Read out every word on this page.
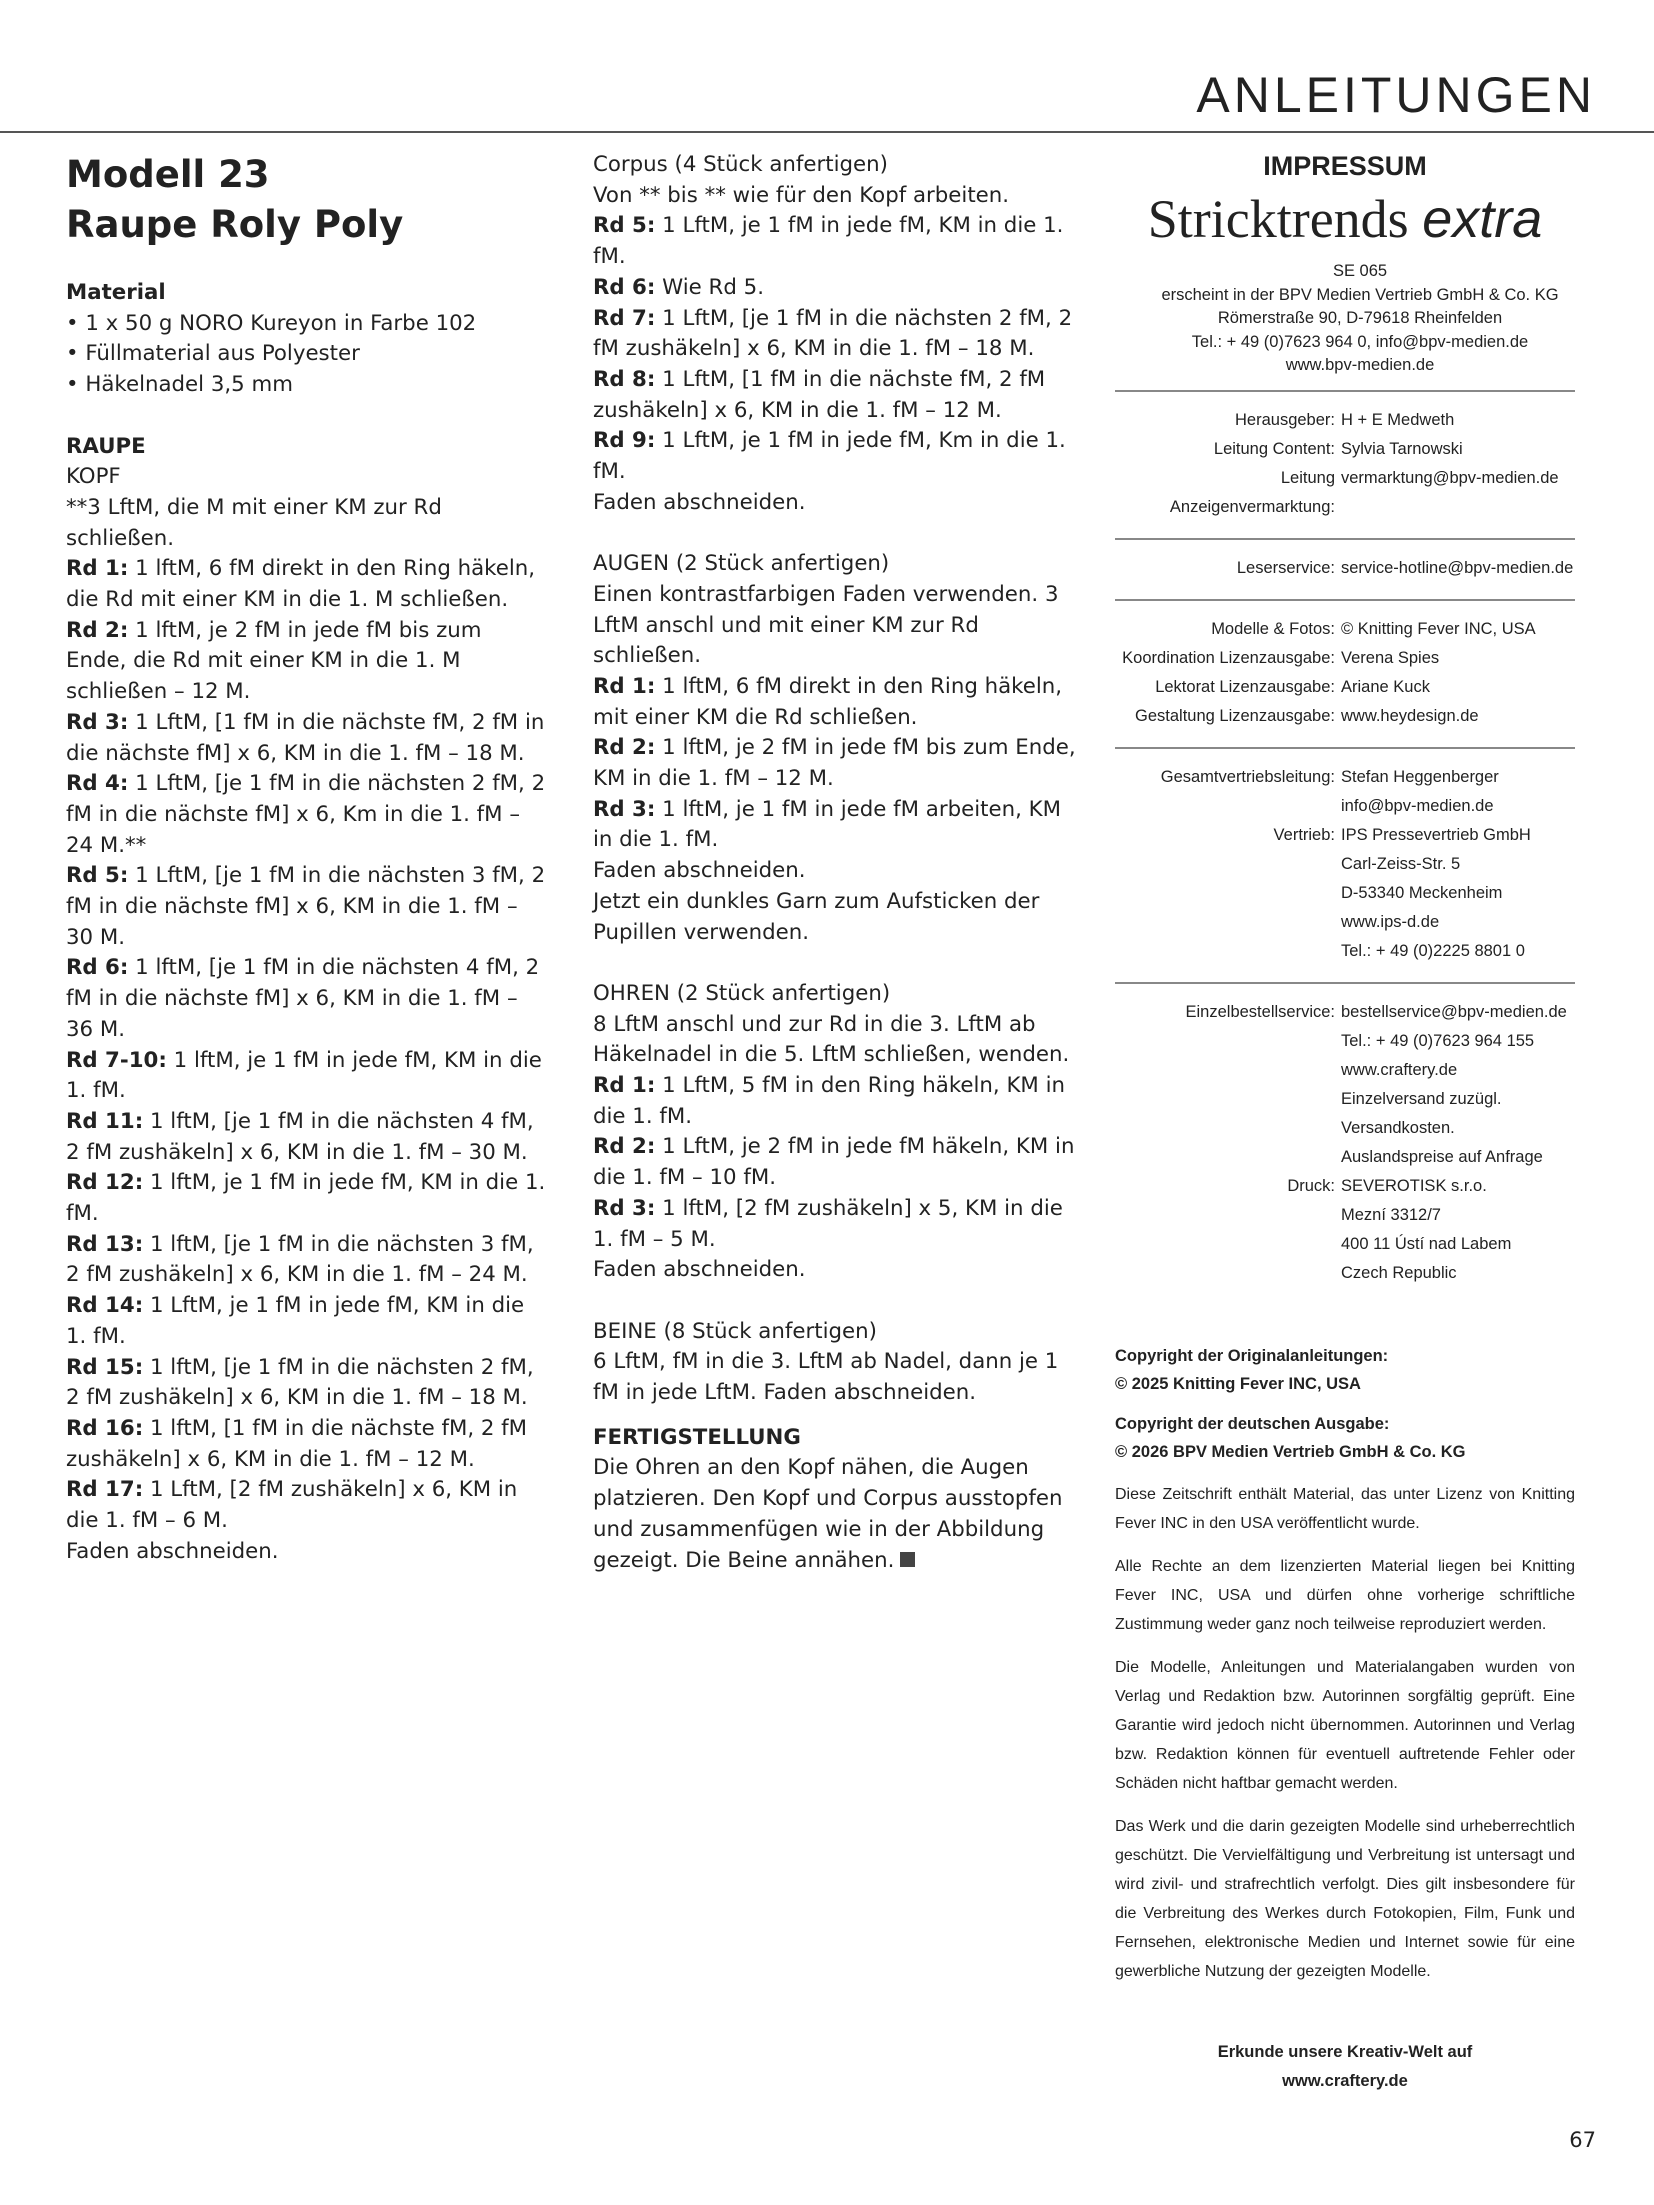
ANLEITUNGEN
Modell 23
Raupe Roly Poly

Material

• 1 x 50 g NORO Kureyon in Farbe 102

• Füllmaterial aus Polyester

• Häkelnadel 3,5 mm

RAUPE

KOPF

**3 LftM, die M mit einer KM zur Rd schließen.

Rd 1: 1 lftM, 6 fM direkt in den Ring häkeln, die Rd mit einer KM in die 1. M schließen.

Rd 2: 1 lftM, je 2 fM in jede fM bis zum Ende, die Rd mit einer KM in die 1. M schließen – 12 M.

Rd 3: 1 LftM, [1 fM in die nächste fM, 2 fM in die nächste fM] x 6, KM in die 1. fM – 18 M.

Rd 4: 1 LftM, [je 1 fM in die nächsten 2 fM, 2 fM in die nächste fM] x 6, Km in die 1. fM – 24 M.**

Rd 5: 1 LftM, [je 1 fM in die nächsten 3 fM, 2 fM in die nächste fM] x 6, KM in die 1. fM – 30 M.

Rd 6: 1 lftM, [je 1 fM in die nächsten 4 fM, 2 fM in die nächste fM] x 6, KM in die 1. fM – 36 M.

Rd 7-10: 1 lftM, je 1 fM in jede fM, KM in die 1. fM.

Rd 11: 1 lftM, [je 1 fM in die nächsten 4 fM, 2 fM zushäkeln] x 6, KM in die 1. fM – 30 M.

Rd 12: 1 lftM, je 1 fM in jede fM, KM in die 1. fM.

Rd 13: 1 lftM, [je 1 fM in die nächsten 3 fM, 2 fM zushäkeln] x 6, KM in die 1. fM – 24 M.

Rd 14: 1 LftM, je 1 fM in jede fM, KM in die 1. fM.

Rd 15: 1 lftM, [je 1 fM in die nächsten 2 fM, 2 fM zushäkeln] x 6, KM in die 1. fM – 18 M.

Rd 16: 1 lftM, [1 fM in die nächste fM, 2 fM zushäkeln] x 6, KM in die 1. fM – 12 M.

Rd 17: 1 LftM, [2 fM zushäkeln] x 6, KM in die 1. fM – 6 M.

Faden abschneiden.

Corpus (4 Stück anfertigen)

Von ** bis ** wie für den Kopf arbeiten.

Rd 5: 1 LftM, je 1 fM in jede fM, KM in die 1. fM.

Rd 6: Wie Rd 5.

Rd 7: 1 LftM, [je 1 fM in die nächsten 2 fM, 2 fM zushäkeln] x 6, KM in die 1. fM – 18 M.

Rd 8: 1 LftM, [1 fM in die nächste fM, 2 fM zushäkeln] x 6, KM in die 1. fM – 12 M.

Rd 9: 1 LftM, je 1 fM in jede fM, Km in die 1. fM.

Faden abschneiden.

AUGEN (2 Stück anfertigen)

Einen kontrastfarbigen Faden verwenden. 3 LftM anschl und mit einer KM zur Rd schließen.

Rd 1: 1 lftM, 6 fM direkt in den Ring häkeln, mit einer KM die Rd schließen.

Rd 2: 1 lftM, je 2 fM in jede fM bis zum Ende, KM in die 1. fM – 12 M.

Rd 3: 1 lftM, je 1 fM in jede fM arbeiten, KM in die 1. fM.

Faden abschneiden.

Jetzt ein dunkles Garn zum Aufsticken der Pupillen verwenden.

OHREN (2 Stück anfertigen)

8 LftM anschl und zur Rd in die 3. LftM ab Häkelnadel in die 5. LftM schließen, wenden.

Rd 1: 1 LftM, 5 fM in den Ring häkeln, KM in die 1. fM.

Rd 2: 1 LftM, je 2 fM in jede fM häkeln, KM in die 1. fM – 10 fM.

Rd 3: 1 lftM, [2 fM zushäkeln] x 5, KM in die 1. fM – 5 M.

Faden abschneiden.

BEINE (8 Stück anfertigen)

6 LftM, fM in die 3. LftM ab Nadel, dann je 1 fM in jede LftM. Faden abschneiden.

FERTIGSTELLUNG

Die Ohren an den Kopf nähen, die Augen platzieren. Den Kopf und Corpus ausstopfen und zusammenfügen wie in der Abbildung gezeigt. Die Beine annähen.

IMPRESSUM
Stricktrends extra

SE 065

erscheint in der BPV Medien Vertrieb GmbH & Co. KG

Römerstraße 90, D-79618 Rheinfelden

Tel.: + 49 (0)7623 964 0, info@bpv-medien.de

www.bpv-medien.de

Herausgeber: H + E Medweth
Leitung Content: Sylvia Tarnowski
Leitung Anzeigenvermarktung:
vermarktung@bpv-medien.de
Leserservice: service-hotline@bpv-medien.de
Modelle & Fotos: © Knitting Fever INC, USA
Koordination Lizenzausgabe: Verena Spies
Lektorat Lizenzausgabe: Ariane Kuck
Gestaltung Lizenzausgabe: www.heydesign.de
Gesamtvertriebsleitung: Stefan Heggenberger
info@bpv-medien.de
Vertrieb: IPS Pressevertrieb GmbH
Carl-Zeiss-Str. 5
D-53340 Meckenheim
www.ips-d.de
Tel.: + 49 (0)2225 8801 0
Einzelbestellservice: bestellservice@bpv-medien.de
Tel.: + 49 (0)7623 964 155
www.craftery.de
Einzelversand zuzügl.
Versandkosten.
Auslandspreise auf Anfrage
Druck: SEVEROTISK s.r.o.
Mezní 3312/7
400 11 Ústí nad Labem
Czech Republic

Copyright der Originalanleitungen:

© 2025 Knitting Fever INC, USA

Copyright der deutschen Ausgabe:

© 2026 BPV Medien Vertrieb GmbH & Co. KG

Diese Zeitschrift enthält Material, das unter Lizenz von Knitting Fever INC in den USA veröffentlicht wurde.

Alle Rechte an dem lizenzierten Material liegen bei Knitting Fever INC, USA und dürfen ohne vorherige schriftliche Zustimmung weder ganz noch teilweise reproduziert werden.

Die Modelle, Anleitungen und Materialangaben wurden von Verlag und Redaktion bzw. Autorinnen sorgfältig geprüft. Eine Garantie wird jedoch nicht übernommen. Autorinnen und Verlag bzw. Redaktion können für eventuell auftretende Fehler oder Schäden nicht haftbar gemacht werden.

Das Werk und die darin gezeigten Modelle sind urheberrechtlich geschützt. Die Vervielfältigung und Verbreitung ist untersagt und wird zivil- und strafrechtlich verfolgt. Dies gilt insbesondere für die Verbreitung des Werkes durch Fotokopien, Film, Funk und Fernsehen, elektronische Medien und Internet sowie für eine gewerbliche Nutzung der gezeigten Modelle.

Erkunde unsere Kreativ-Welt auf

www.craftery.de

67
